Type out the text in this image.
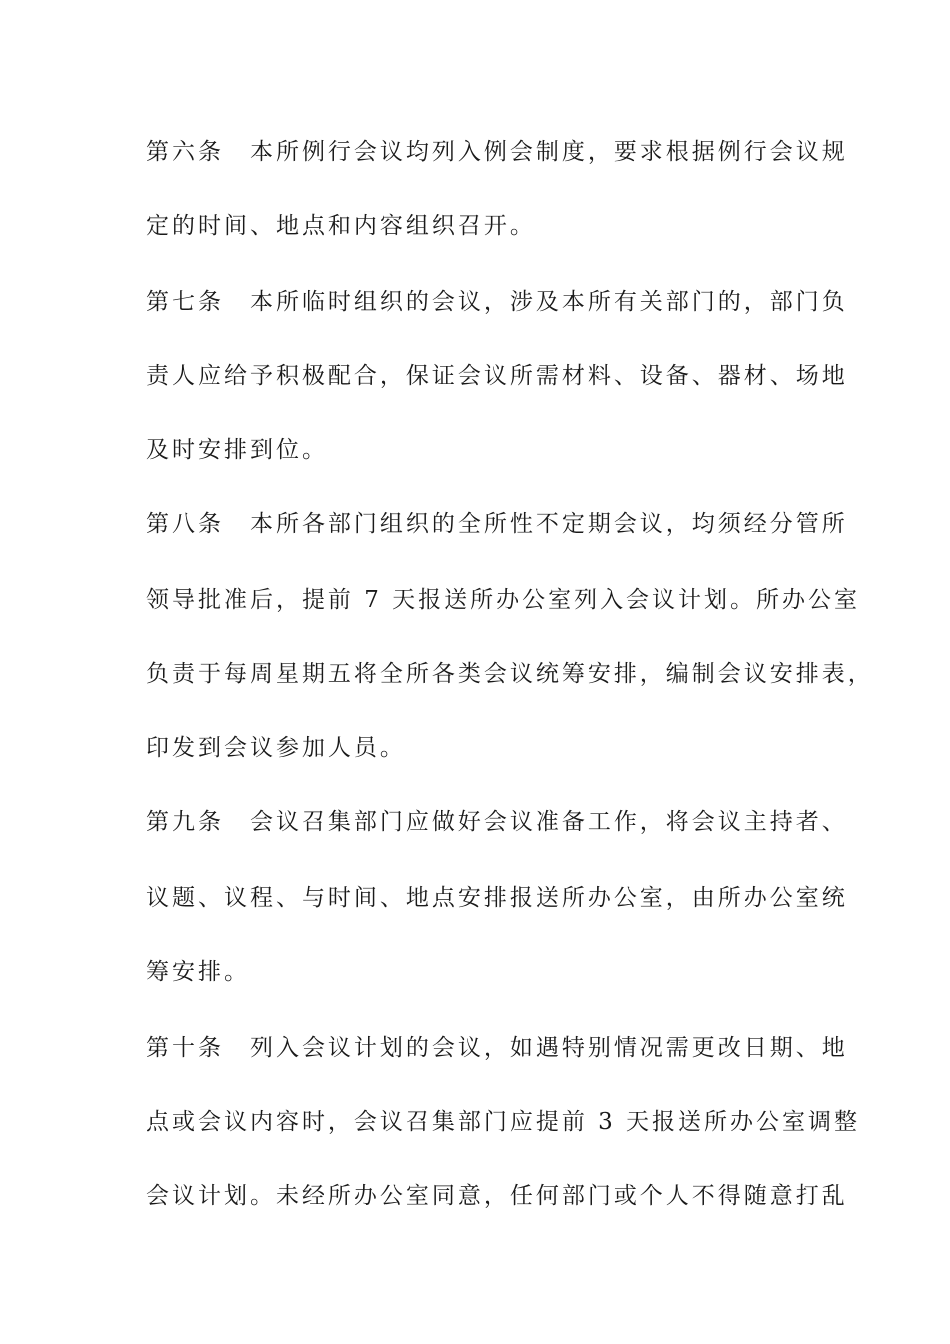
第六条　本所例行会议均列入例会制度，要求根据例行会议规
定的时间、地点和内容组织召开。
第七条　本所临时组织的会议，涉及本所有关部门的，部门负
责人应给予积极配合，保证会议所需材料、设备、器材、场地
及时安排到位。
第八条　本所各部门组织的全所性不定期会议，均须经分管所
领导批准后，提前 7 天报送所办公室列入会议计划。所办公室
负责于每周星期五将全所各类会议统筹安排，编制会议安排表，
印发到会议参加人员。
第九条　会议召集部门应做好会议准备工作，将会议主持者、
议题、议程、与时间、地点安排报送所办公室，由所办公室统
筹安排。
第十条　列入会议计划的会议，如遇特别情况需更改日期、地
点或会议内容时，会议召集部门应提前 3 天报送所办公室调整
会议计划。未经所办公室同意，任何部门或个人不得随意打乱
